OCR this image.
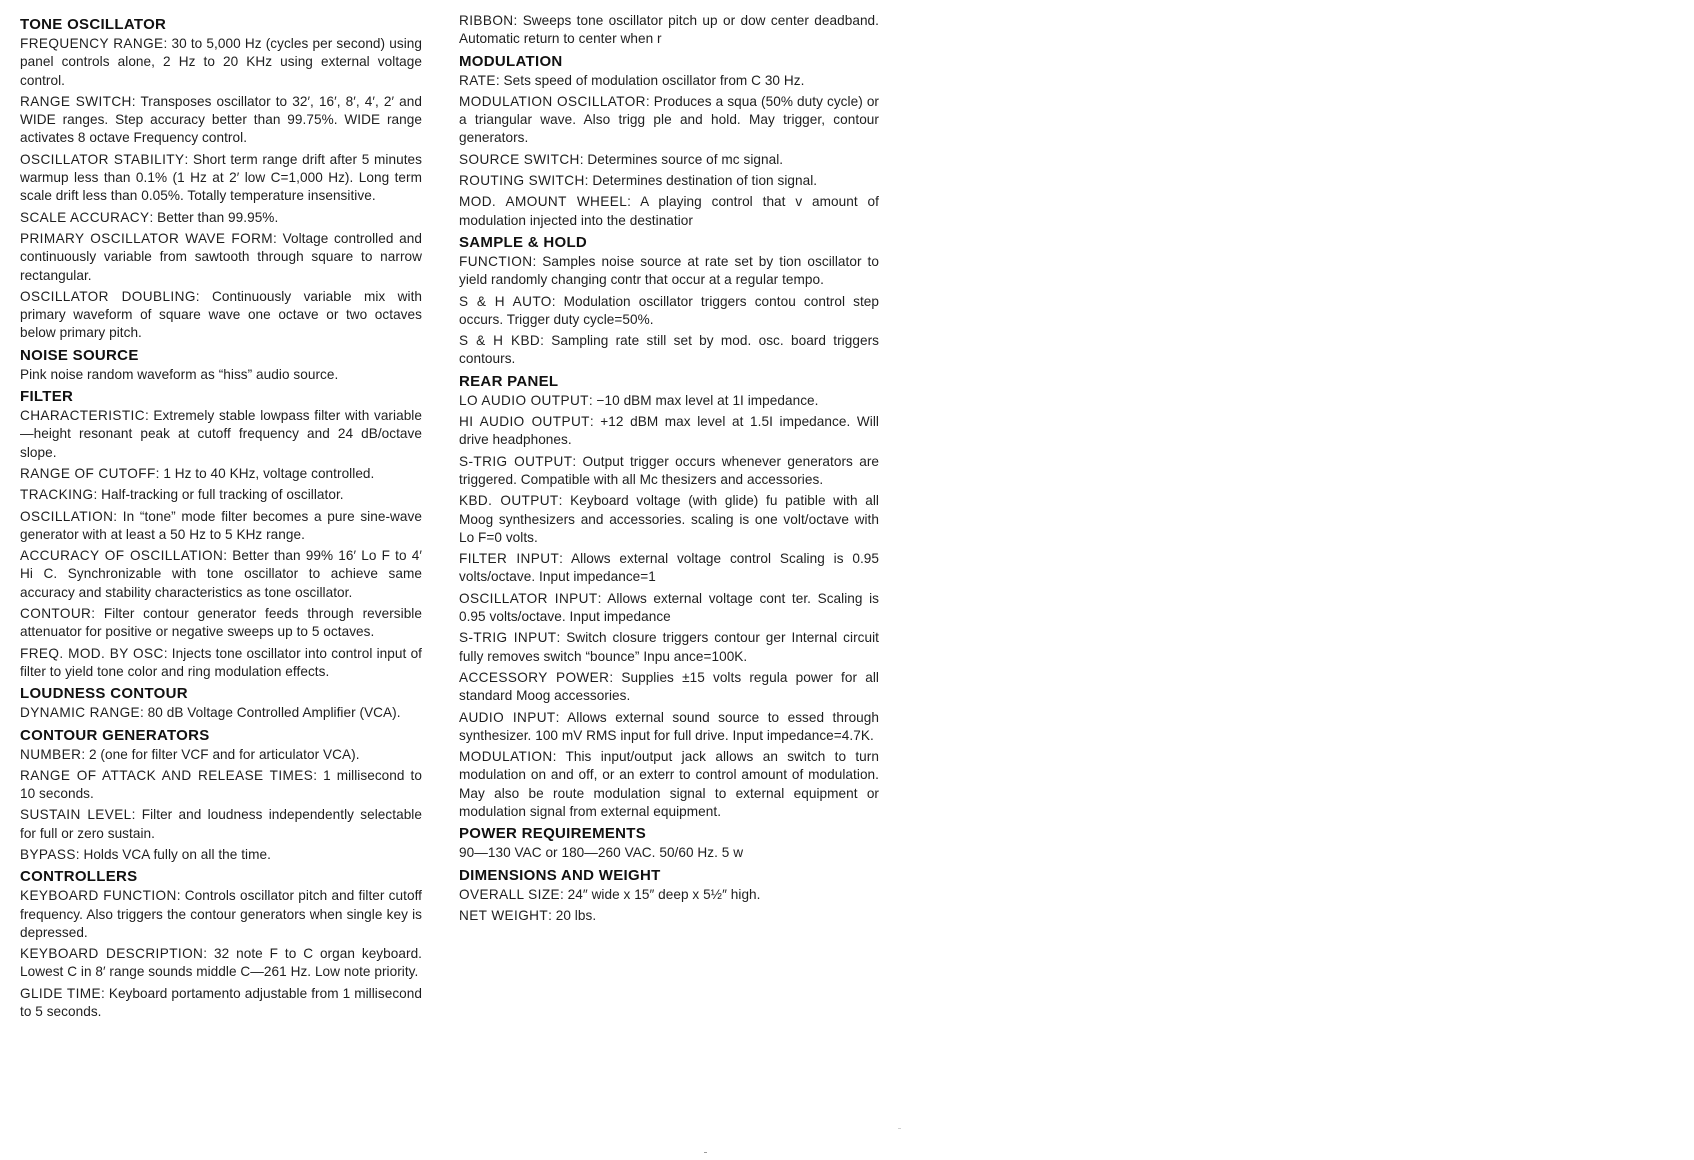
TONE OSCILLATOR

FREQUENCY RANGE: 30 to 5,000 Hz (cycles per second) using panel controls alone, 2 Hz to 20 KHz using external voltage control.

RANGE SWITCH: Transposes oscillator to 32′, 16′, 8′, 4′, 2′ and WIDE ranges. Step accuracy better than 99.75%. WIDE range activates 8 octave Frequency control.

OSCILLATOR STABILITY: Short term range drift after 5 minutes warmup less than 0.1% (1 Hz at 2′ low C=1,000 Hz). Long term scale drift less than 0.05%. Totally temperature insensitive.

SCALE ACCURACY: Better than 99.95%.

PRIMARY OSCILLATOR WAVE FORM: Voltage controlled and continuously variable from sawtooth through square to narrow rectangular.

OSCILLATOR DOUBLING: Continuously variable mix with primary waveform of square wave one octave or two octaves below primary pitch.

NOISE SOURCE

Pink noise random waveform as “hiss” audio source.

FILTER

CHARACTERISTIC: Extremely stable lowpass filter with variable—height resonant peak at cutoff frequency and 24 dB/octave slope.

RANGE OF CUTOFF: 1 Hz to 40 KHz, voltage controlled.

TRACKING: Half-tracking or full tracking of oscillator.

OSCILLATION: In “tone” mode filter becomes a pure sine-wave generator with at least a 50 Hz to 5 KHz range.

ACCURACY OF OSCILLATION: Better than 99% 16′ Lo F to 4′ Hi C. Synchronizable with tone oscillator to achieve same accuracy and stability characteristics as tone oscillator.

CONTOUR: Filter contour generator feeds through reversible attenuator for positive or negative sweeps up to 5 octaves.

FREQ. MOD. BY OSC: Injects tone oscillator into control input of filter to yield tone color and ring modulation effects.

LOUDNESS CONTOUR

DYNAMIC RANGE: 80 dB Voltage Controlled Amplifier (VCA).

CONTOUR GENERATORS

NUMBER: 2 (one for filter VCF and for articulator VCA).

RANGE OF ATTACK AND RELEASE TIMES: 1 millisecond to 10 seconds.

SUSTAIN LEVEL: Filter and loudness independently selectable for full or zero sustain.

BYPASS: Holds VCA fully on all the time.

CONTROLLERS

KEYBOARD FUNCTION: Controls oscillator pitch and filter cutoff frequency. Also triggers the contour generators when single key is depressed.

KEYBOARD DESCRIPTION: 32 note F to C organ keyboard. Lowest C in 8′ range sounds middle C—261 Hz. Low note priority.

GLIDE TIME: Keyboard portamento adjustable from 1 millisecond to 5 seconds.

RIBBON: Sweeps tone oscillator pitch up or doᴡ center deadband. Automatic return to center when r

MODULATION

RATE: Sets speed of modulation oscillator from C 30 Hz.

MODULATION OSCILLATOR: Produces a squa (50% duty cycle) or a triangular wave. Also trigg ple and hold. May trigger, contour generators.

SOURCE SWITCH: Determines source of mc signal.

ROUTING SWITCH: Determines destination of tion signal.

MOD. AMOUNT WHEEL: A playing control that v amount of modulation injected into the destinatior

SAMPLE & HOLD

FUNCTION: Samples noise source at rate set by tion oscillator to yield randomly changing contr that occur at a regular tempo.

S & H AUTO: Modulation oscillator triggers contou control step occurs. Trigger duty cycle=50%.

S & H KBD: Sampling rate still set by mod. osc. board triggers contours.

REAR PANEL

LO AUDIO OUTPUT: −10 dBM max level at 1I impedance.

HI AUDIO OUTPUT: +12 dBM max level at 1.5I impedance. Will drive headphones.

S-TRIG OUTPUT: Output trigger occurs whenever generators are triggered. Compatible with all Mc thesizers and accessories.

KBD. OUTPUT: Keyboard voltage (with glide) fu patible with all Moog synthesizers and accessories. scaling is one volt/octave with Lo F=0 volts.

FILTER INPUT: Allows external voltage control Scaling is 0.95 volts/octave. Input impedance=1

OSCILLATOR INPUT: Allows external voltage cont ter. Scaling is 0.95 volts/octave. Input impedance

S-TRIG INPUT: Switch closure triggers contour ger Internal circuit fully removes switch “bounce” Inpu ance=100K.

ACCESSORY POWER: Supplies ±15 volts regula power for all standard Moog accessories.

AUDIO INPUT: Allows external sound source to essed through synthesizer. 100 mV RMS input for full drive. Input impedance=4.7K.

MODULATION: This input/output jack allows an switch to turn modulation on and off, or an exterr to control amount of modulation. May also be route modulation signal to external equipment or modulation signal from external equipment.

POWER REQUIREMENTS

90—130 VAC or 180—260 VAC. 50/60 Hz. 5 w

DIMENSIONS AND WEIGHT

OVERALL SIZE: 24″ wide x 15″ deep x 5½″ high.

NET WEIGHT: 20 lbs.
